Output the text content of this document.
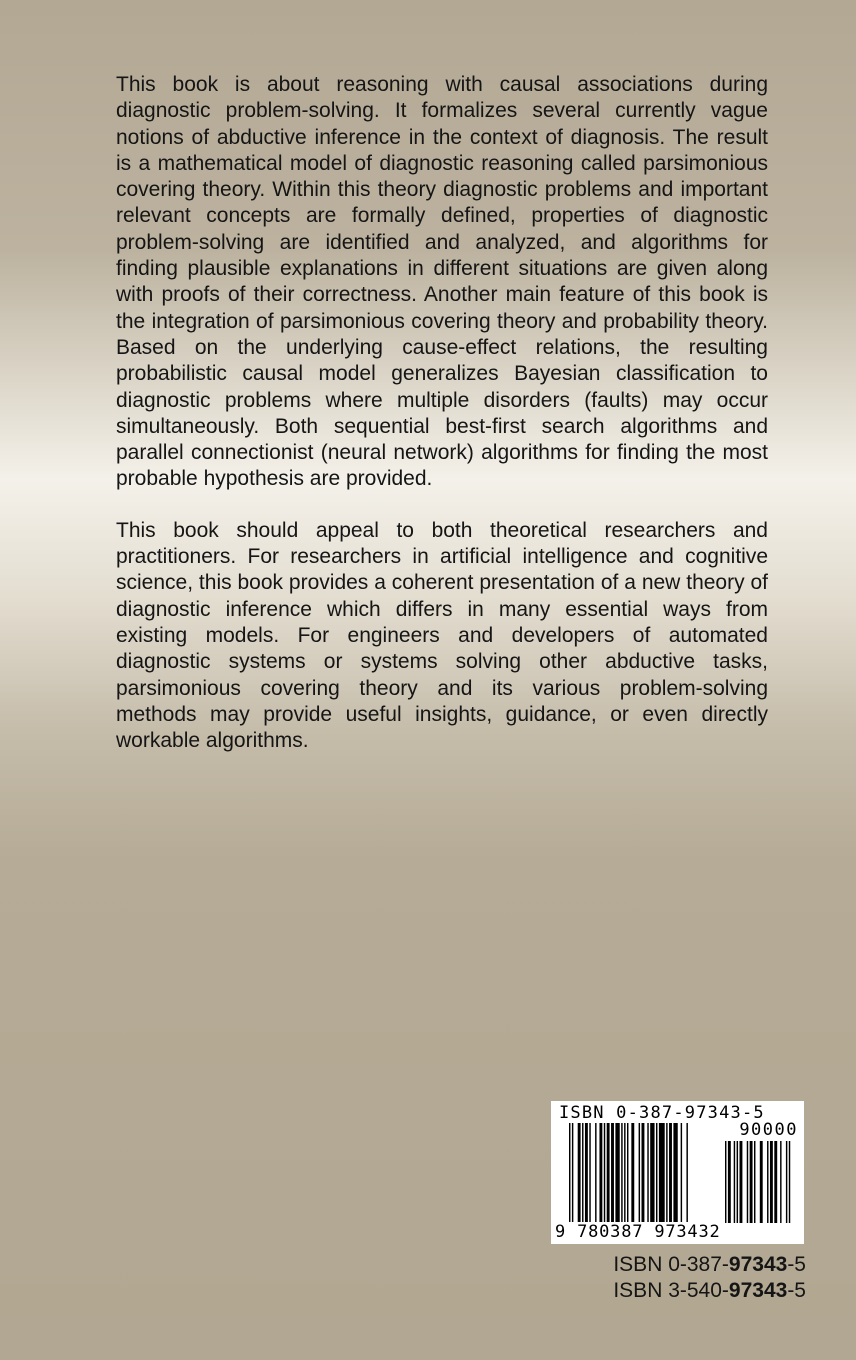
This book is about reasoning with causal associations during diagnostic problem-solving. It formalizes several currently vague notions of abductive inference in the context of diagnosis. The result is a mathematical model of diagnostic reasoning called parsimonious covering theory. Within this theory diagnostic problems and important relevant concepts are formally defined, properties of diagnostic problem-solving are identified and analyzed, and algorithms for finding plausible explanations in different situations are given along with proofs of their correctness. Another main feature of this book is the integration of parsimonious covering theory and probability theory. Based on the underlying cause-effect relations, the resulting probabilistic causal model generalizes Bayesian classification to diagnostic problems where multiple disorders (faults) may occur simultaneously. Both sequential best-first search algorithms and parallel connectionist (neural network) algorithms for finding the most probable hypothesis are provided.

This book should appeal to both theoretical researchers and practitioners. For researchers in artificial intelligence and cognitive science, this book provides a coherent presentation of a new theory of diagnostic inference which differs in many essential ways from existing models. For engineers and developers of automated diagnostic systems or systems solving other abductive tasks, parsimonious covering theory and its various problem-solving methods may provide useful insights, guidance, or even directly workable algorithms.

ISBN 0-387-97343-5
90000
9 780387 973432
ISBN 0-387-97343-5
ISBN 3-540-97343-5
